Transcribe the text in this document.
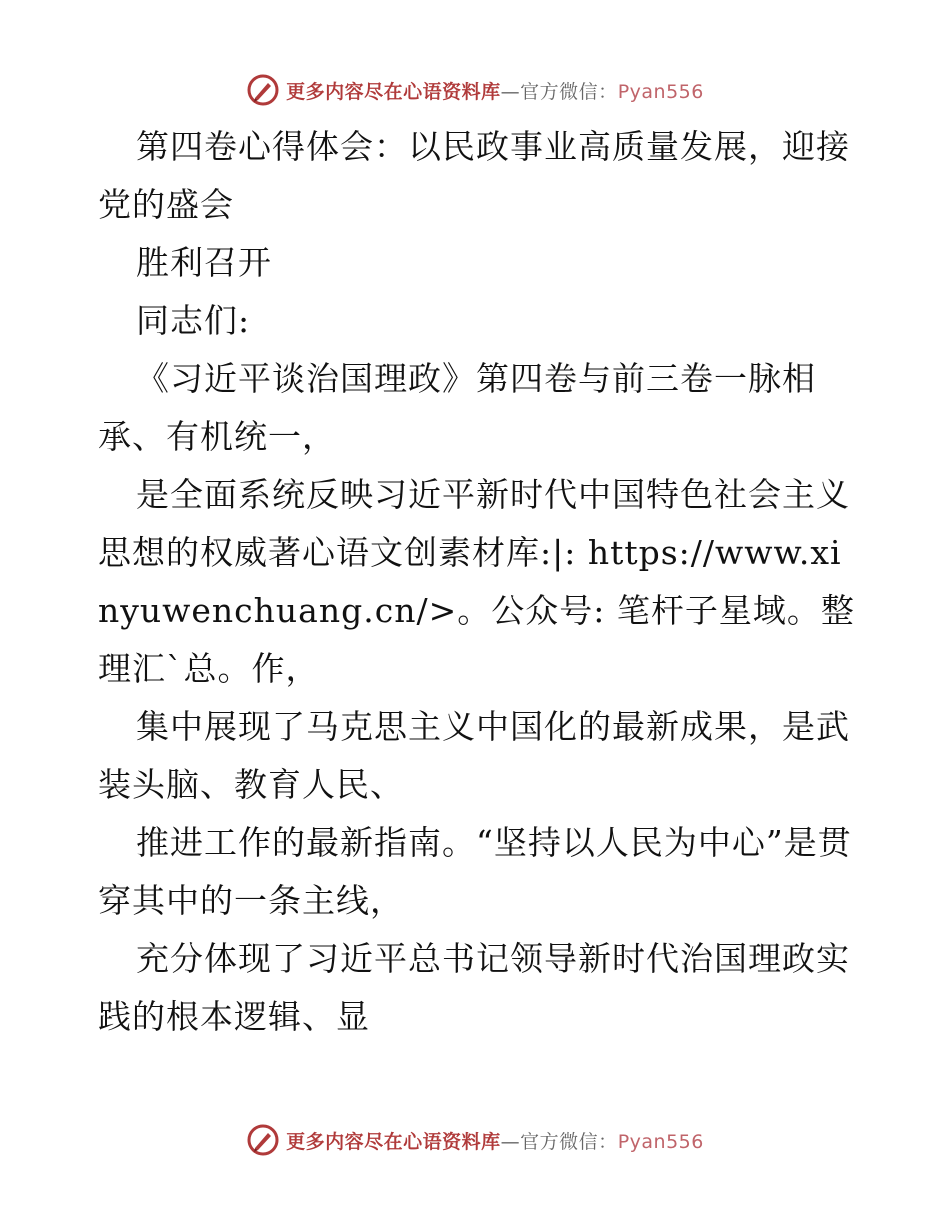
更多内容尽在心语资料库—官方微信：Pyan556

第四卷心得体会：以民政事业高质量发展，迎接党的盛会

胜利召开

同志们:

《习近平谈治国理政》第四卷与前三卷一脉相承、有机统一，

是全面系统反映习近平新时代中国特色社会主义思想的权威著心语文创素材库:|: https://www.xinyuwenchuang.cn/>。公众号: 笔杆子星域。整理汇`总。作，

集中展现了马克思主义中国化的最新成果，是武装头脑、教育人民、

推进工作的最新指南。“坚持以人民为中心”是贯穿其中的一条主线，

充分体现了习近平总书记领导新时代治国理政实践的根本逻辑、显

更多内容尽在心语资料库—官方微信：Pyan556
